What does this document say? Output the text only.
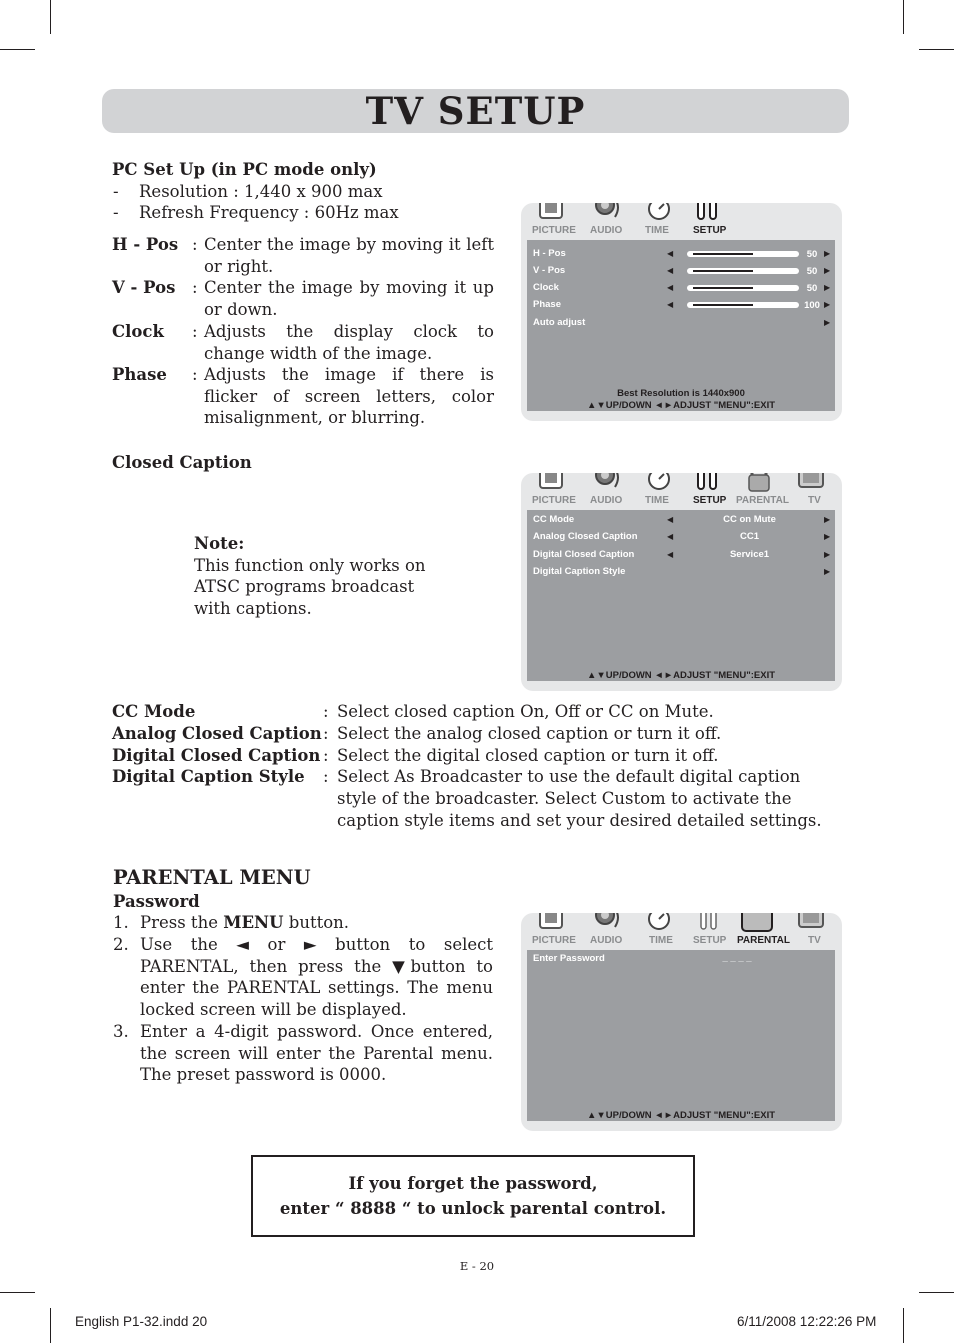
TV SETUP
PC Set Up (in PC mode only)
- Resolution : 1,440 x 900 max
- Refresh Frequency : 60Hz max
H - Pos : Center the image by moving it left or right.
V - Pos : Center the image by moving it up or down.
Clock : Adjusts the display clock to change width of the image.
Phase : Adjusts the image if there is flicker of screen letters, color misalignment, or blurring.
Closed Caption
Note:
This function only works on
ATSC programs broadcast
with captions.
CC Mode	: Select closed caption On, Off or CC on Mute.
Analog Closed Caption : Select the analog closed caption or turn it off.
Digital Closed Caption : Select the digital closed caption or turn it off.
Digital Caption Style : Select As Broadcaster to use the default digital caption style of the broadcaster. Select Custom to activate the caption style items and set your desired detailed settings.
PARENTAL MENU
Password
1. Press the MENU button.
2. Use the ◄ or ► button to select PARENTAL, then press the ▼button to enter the PARENTAL settings. The menu locked screen will be displayed.
3. Enter a 4-digit password. Once entered, the screen will enter the Parental menu. The preset password is 0000.
If you forget the password,
enter “ 8888 “ to unlock parental control.
E - 20
English P1-32.indd 20	6/11/2008 12:22:26 PM
PICTURE AUDIO TIME SETUP
H - Pos	◀	50 ▶
V - Pos	◀	50 ▶
Clock	◀	50 ▶
Phase	◀	100 ▶
Auto adjust	▶
Best Resolution is 1440x900
▲▼UP/DOWN ◄►ADJUST "MENU":EXIT
PICTURE AUDIO TIME SETUP PARENTAL TV
CC Mode	◀	CC on Mute	▶
Analog Closed Caption	◀	CC1	▶
Digital Closed Caption	◀	Service1	▶
Digital Caption Style	▶
▲▼UP/DOWN ◄►ADJUST "MENU":EXIT
PICTURE AUDIO	TIME SETUP PARENTAL TV
Enter Password	_ _ _ _
▲▼UP/DOWN ◄►ADJUST "MENU":EXIT
